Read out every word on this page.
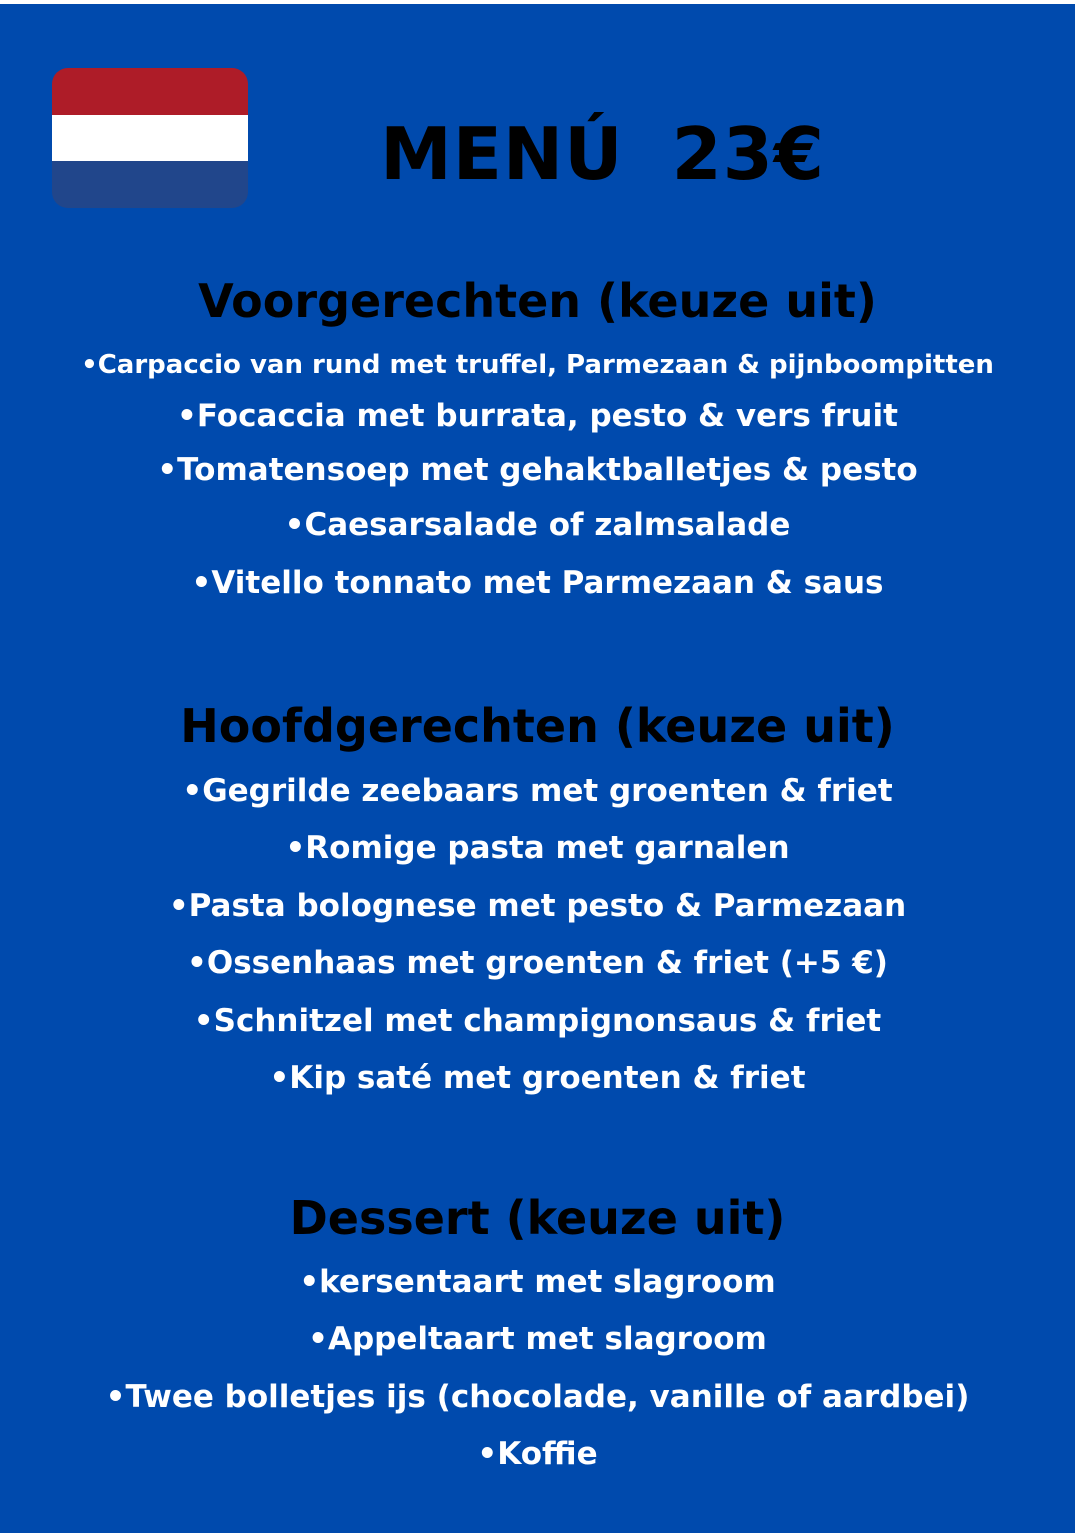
MENÚ 23€
Voorgerechten (keuze uit)
• Carpaccio van rund met truffel, Parmezaan & pijnboompitten
• Focaccia met burrata, pesto & vers fruit
• Tomatensoep met gehaktballetjes & pesto
• Caesarsalade of zalmsalade
• Vitello tonnato met Parmezaan & saus
Hoofdgerechten (keuze uit)
• Gegrilde zeebaars met groenten & friet
• Romige pasta met garnalen
• Pasta bolognese met pesto & Parmezaan
• Ossenhaas met groenten & friet (+5 €)
• Schnitzel met champignonsaus & friet
• Kip saté met groenten & friet
Dessert (keuze uit)
• kersentaart met slagroom
• Appeltaart met slagroom
• Twee bolletjes ijs (chocolade, vanille of aardbei)
• Koffie
